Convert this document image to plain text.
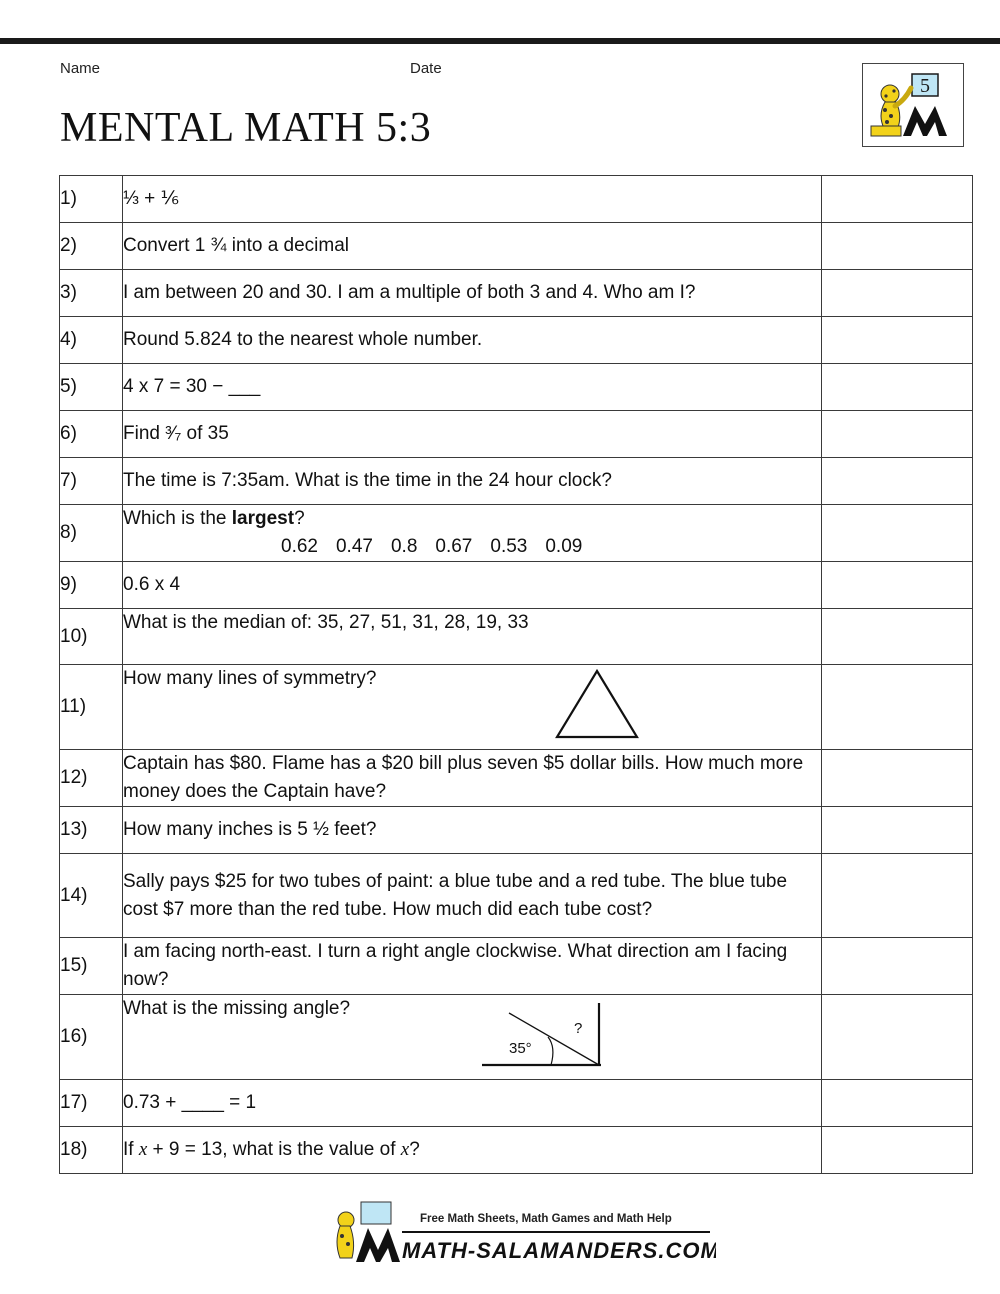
Name	Date
MENTAL MATH 5:3
5
1)	⅓ + ⅙	
2)	Convert 1 ¾ into a decimal	
3)	I am between 20 and 30. I am a multiple of both 3 and 4. Who am I?	
4)	Round 5.824 to the nearest whole number.	
5)	4 x 7 = 30 − ___	
6)	Find ³⁄₇ of 35	
7)	The time is 7:35am. What is the time in the 24 hour clock?	
8)	Which is the largest?
0.62 0.47 0.8 0.67 0.53 0.09	

9)	0.6 x 4	
10)	What is the median of: 35, 27, 51, 31, 28, 19, 33	
11)	How many lines of symmetry?

12)	Captain has $80. Flame has a $20 bill plus seven $5 dollar bills. How much more money does the Captain have?	
13)	How many inches is 5 ½ feet?	
14)	Sally pays $25 for two tubes of paint: a blue tube and a red tube. The blue tube cost $7 more than the red tube. How much did each tube cost?	
15)	I am facing north-east. I turn a right angle clockwise. What direction am I facing now?	
16)	What is the missing angle?
35°
?	

17)	0.73 + ____ = 1	
18)	If x + 9 = 13, what is the value of x?	
Free Math Sheets, Math Games and Math Help
MATH-SALAMANDERS.COM
